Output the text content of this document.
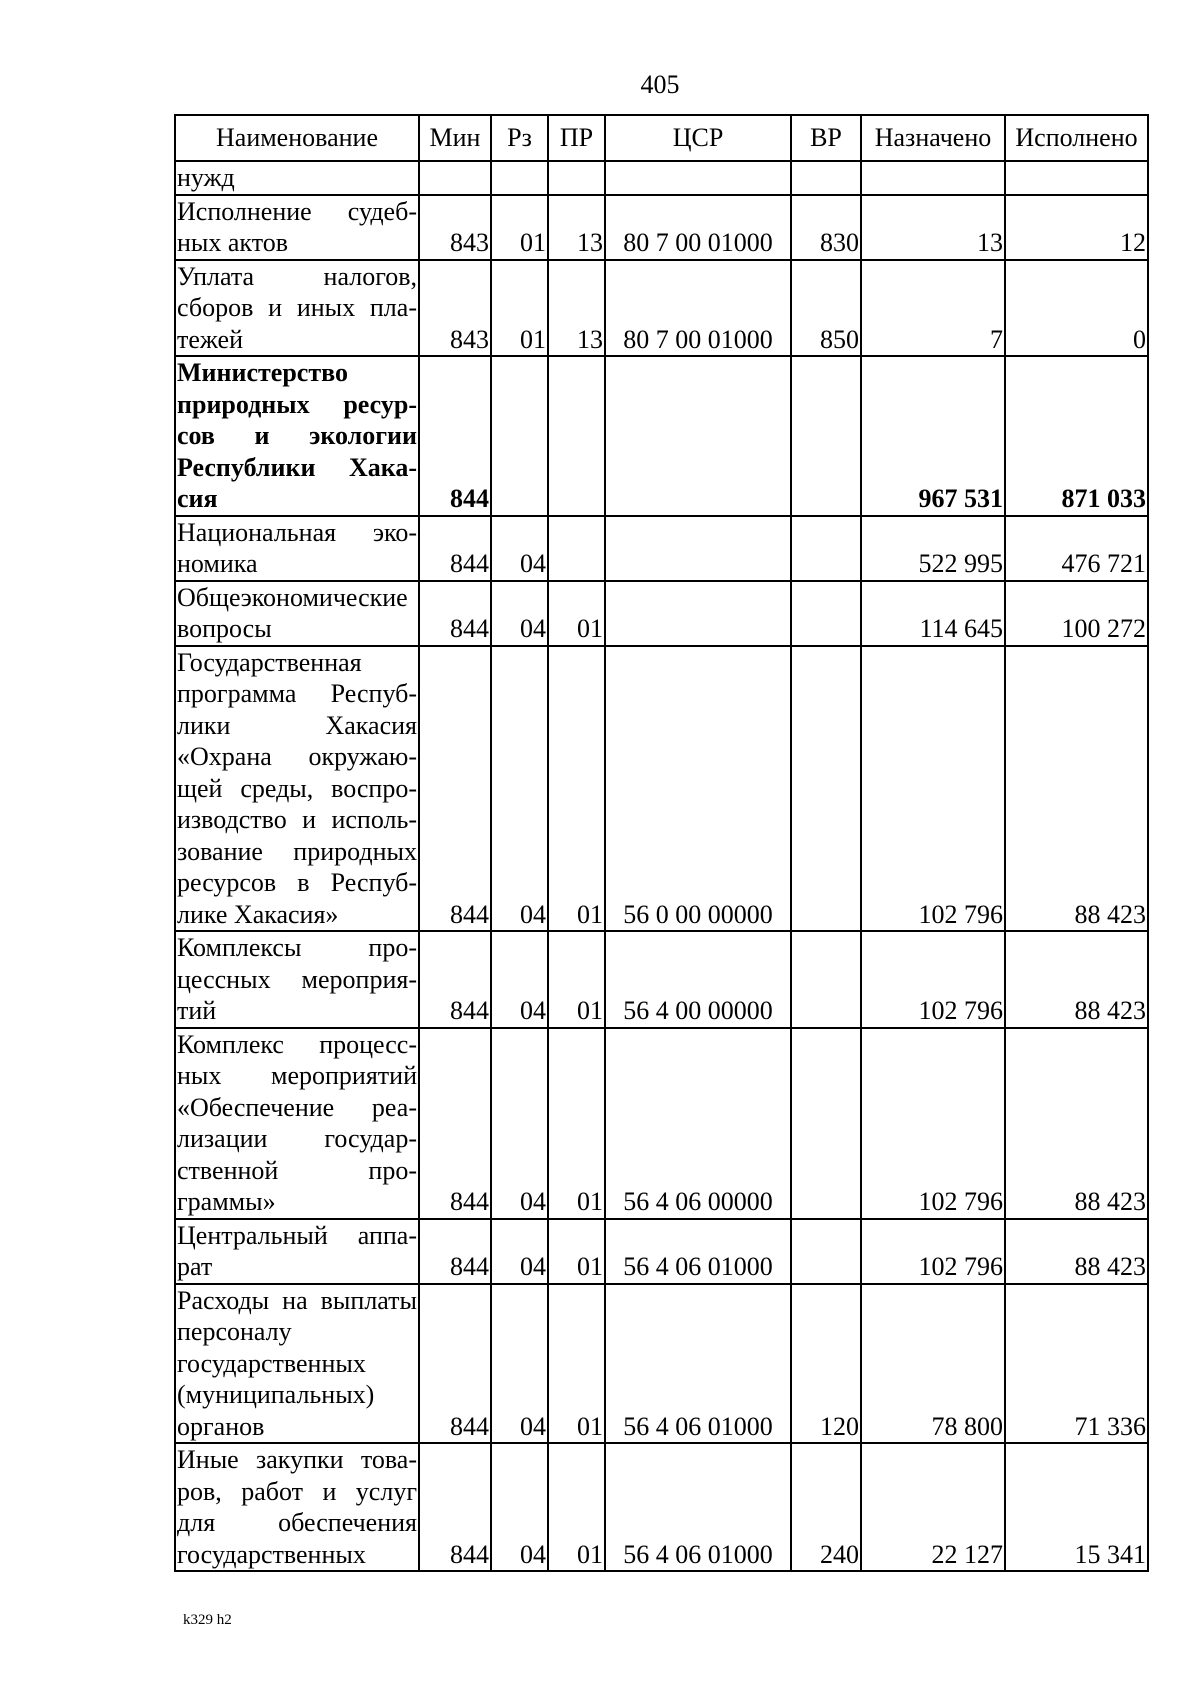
405
Наименование	Мин	Рз	ПР	ЦСР	ВР	Назначено	Исполнено
нужд							
Исполнение судебных актов	843	01	13	80 7 00 01000	830	13	12
Уплата налогов, сборов и иных платежей	843	01	13	80 7 00 01000	850	7	0
Министерство природных ресурсов и экологии Республики Хакасия	844					967 531	871 033
Национальная экономика	844	04				522 995	476 721
Общеэкономические вопросы	844	04	01			114 645	100 272
Государственная программа Республики Хакасия «Охрана окружающей среды, воспроизводство и использование природных ресурсов в Республике Хакасия»	844	04	01	56 0 00 00000		102 796	88 423
Комплексы процессных мероприятий	844	04	01	56 4 00 00000		102 796	88 423
Комплекс процессных мероприятий «Обеспечение реализации государственной программы»	844	04	01	56 4 06 00000		102 796	88 423
Центральный аппарат	844	04	01	56 4 06 01000		102 796	88 423
Расходы на выплаты персоналу государственных (муниципальных) органов	844	04	01	56 4 06 01000	120	78 800	71 336
Иные закупки товаров, работ и услуг для обеспечения государственных	844	04	01	56 4 06 01000	240	22 127	15 341
k329 h2
